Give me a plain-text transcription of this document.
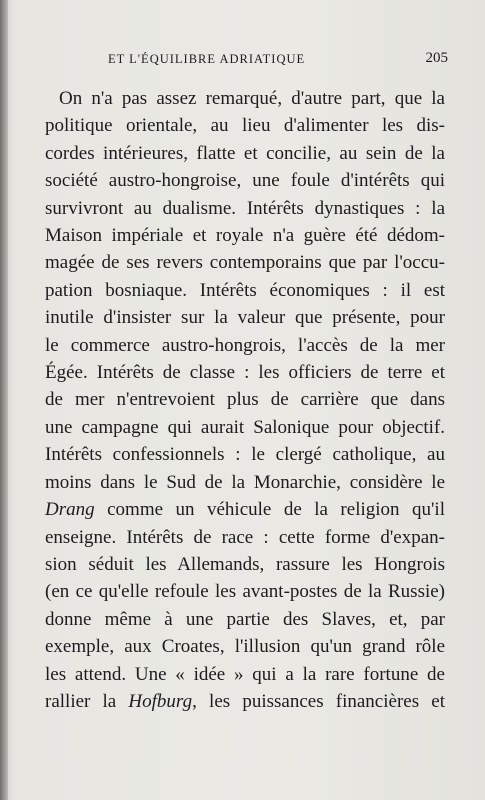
ET L'ÉQUILIBRE ADRIATIQUE	205
On n'a pas assez remarqué, d'autre part, que la
politique orientale, au lieu d'alimenter les dis-
cordes intérieures, flatte et concilie, au sein de la
société austro-hongroise, une foule d'intérêts qui
survivront au dualisme. Intérêts dynastiques : la
Maison impériale et royale n'a guère été dédom-
magée de ses revers contemporains que par l'occu-
pation bosniaque. Intérêts économiques : il est
inutile d'insister sur la valeur que présente, pour
le commerce austro-hongrois, l'accès de la mer
Égée. Intérêts de classe : les officiers de terre et
de mer n'entrevoient plus de carrière que dans
une campagne qui aurait Salonique pour objectif.
Intérêts confessionnels : le clergé catholique, au
moins dans le Sud de la Monarchie, considère le
Drang comme un véhicule de la religion qu'il
enseigne. Intérêts de race : cette forme d'expan-
sion séduit les Allemands, rassure les Hongrois
(en ce qu'elle refoule les avant-postes de la Russie)
donne même à une partie des Slaves, et, par
exemple, aux Croates, l'illusion qu'un grand rôle
les attend. Une « idée » qui a la rare fortune de
rallier la Hofburg, les puissances financières et
